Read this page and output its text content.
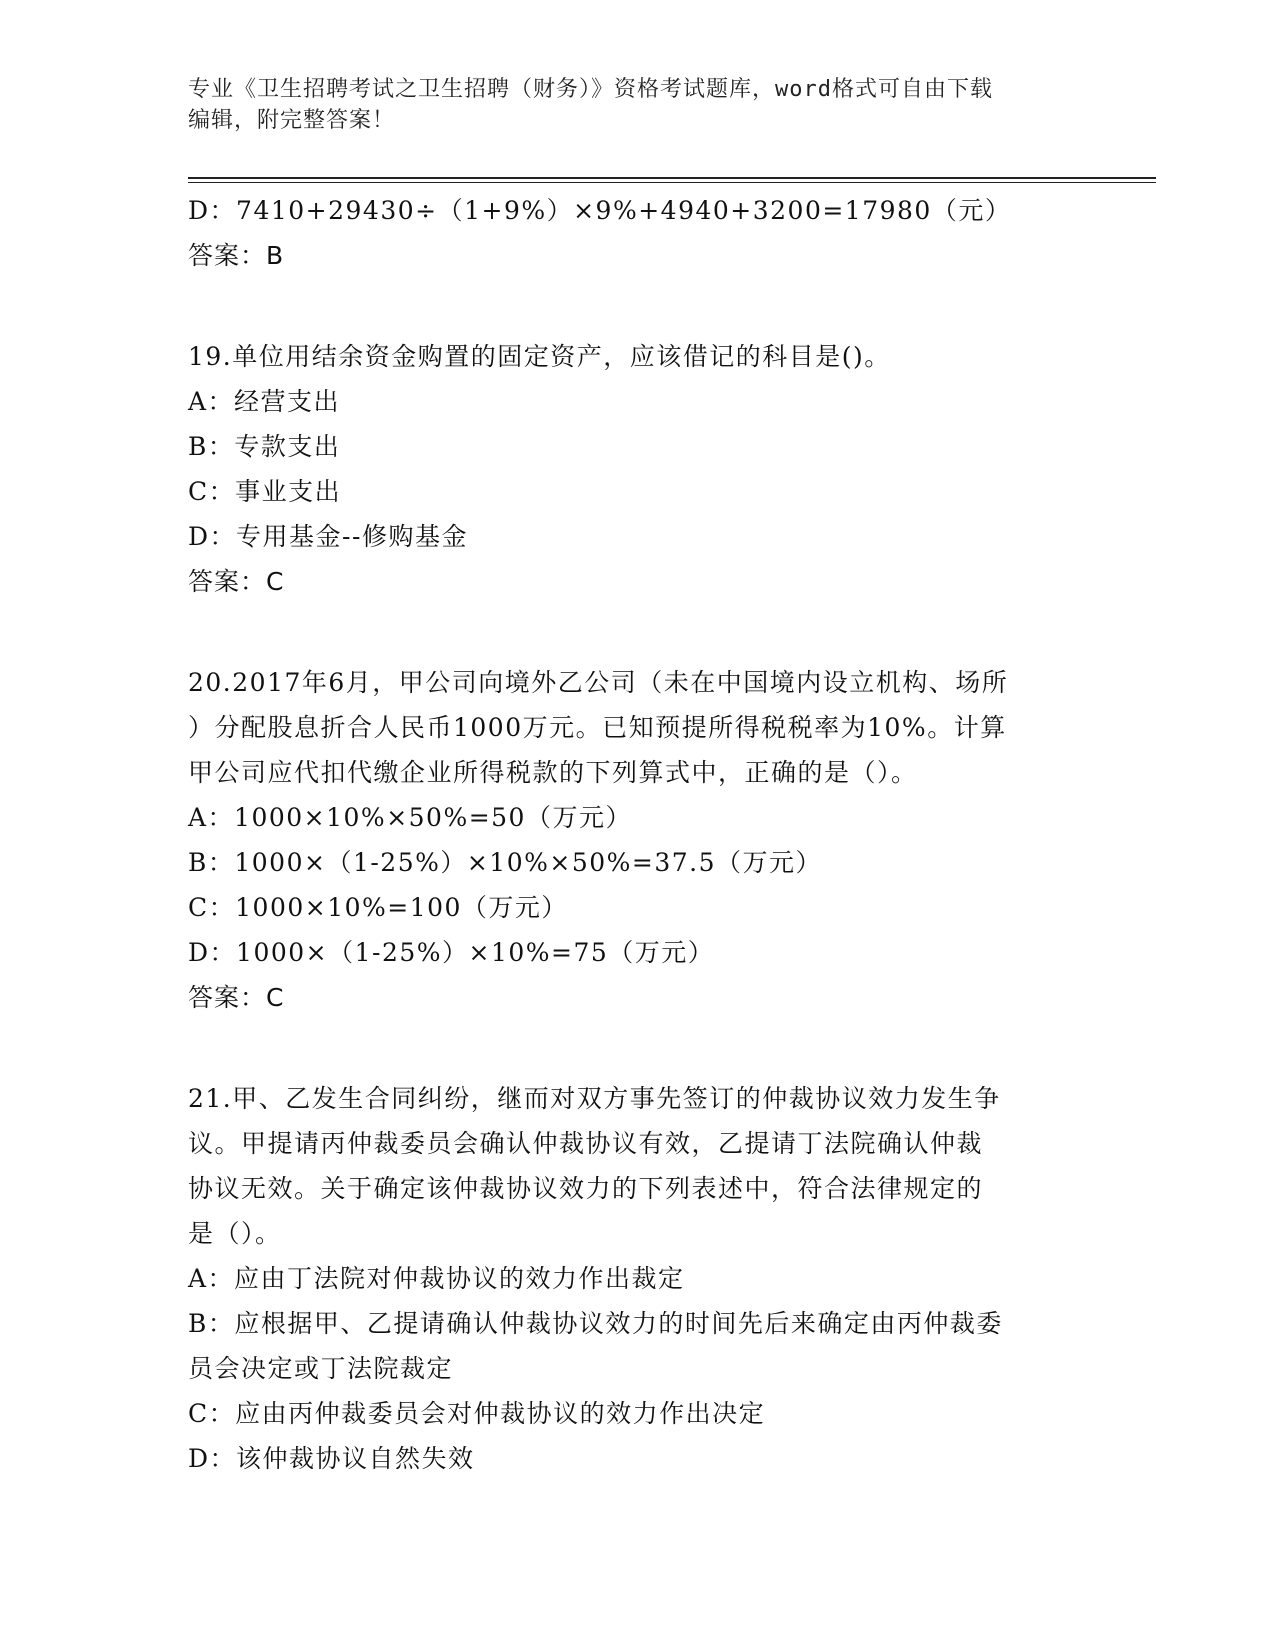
专业《卫生招聘考试之卫生招聘（财务）》资格考试题库，word格式可自由下载
编辑，附完整答案！
D：7410+29430÷（1+9%）×9%+4940+3200=17980（元）
答案：B
19.单位用结余资金购置的固定资产，应该借记的科目是()。
A：经营支出
B：专款支出
C：事业支出
D：专用基金--修购基金
答案：C
20.2017年6月，甲公司向境外乙公司（未在中国境内设立机构、场所
）分配股息折合人民币1000万元。已知预提所得税税率为10%。计算
甲公司应代扣代缴企业所得税款的下列算式中，正确的是（）。
A：1000×10%×50%=50（万元）
B：1000×（1-25%）×10%×50%=37.5（万元）
C：1000×10%=100（万元）
D：1000×（1-25%）×10%=75（万元）
答案：C
21.甲、乙发生合同纠纷，继而对双方事先签订的仲裁协议效力发生争
议。甲提请丙仲裁委员会确认仲裁协议有效，乙提请丁法院确认仲裁
协议无效。关于确定该仲裁协议效力的下列表述中，符合法律规定的
是（）。
A：应由丁法院对仲裁协议的效力作出裁定
B：应根据甲、乙提请确认仲裁协议效力的时间先后来确定由丙仲裁委
员会决定或丁法院裁定
C：应由丙仲裁委员会对仲裁协议的效力作出决定
D：该仲裁协议自然失效
